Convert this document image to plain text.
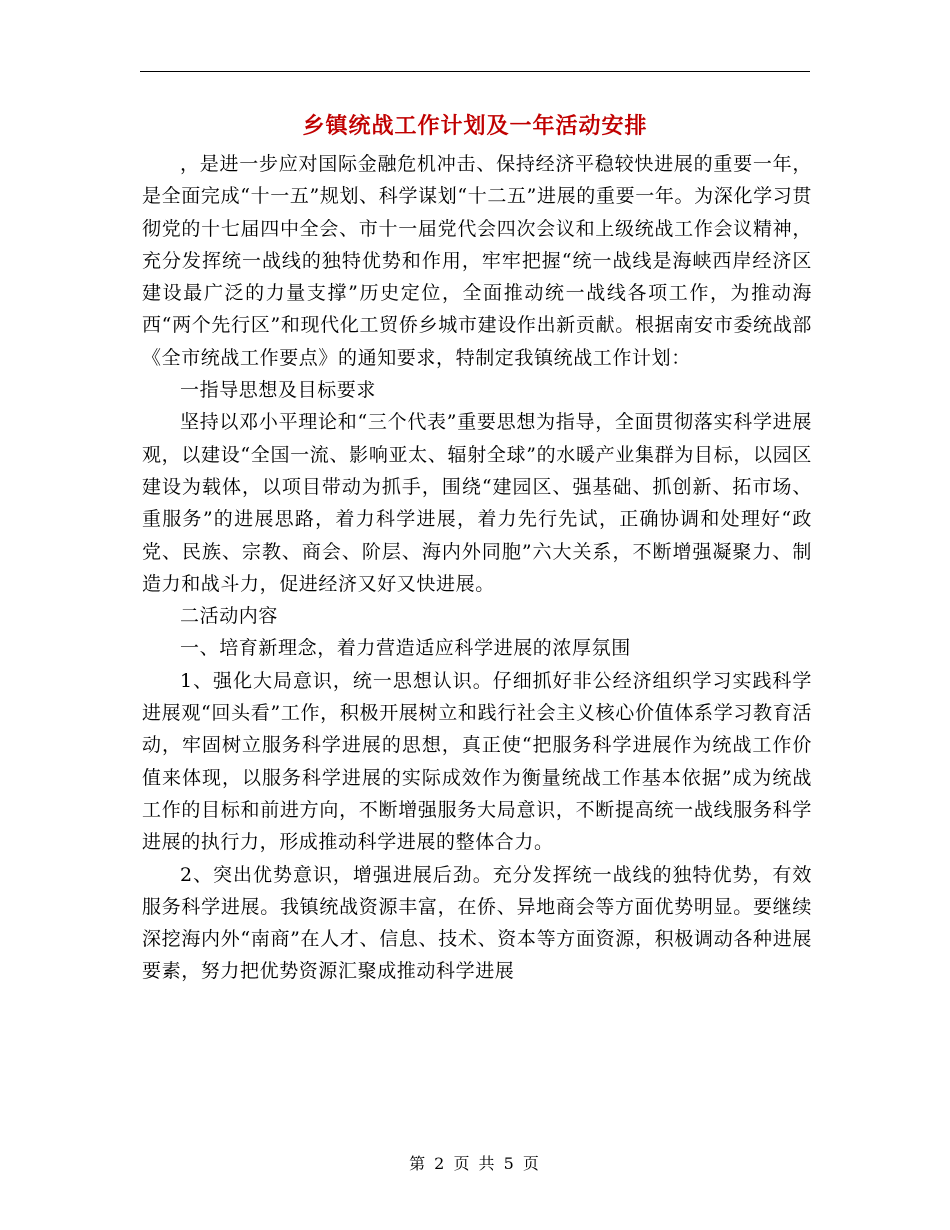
乡镇统战工作计划及一年活动安排

，是进一步应对国际金融危机冲击、保持经济平稳较快进展的重要一年，是全面完成“十一五”规划、科学谋划“十二五”进展的重要一年。为深化学习贯彻党的十七届四中全会、市十一届党代会四次会议和上级统战工作会议精神，充分发挥统一战线的独特优势和作用，牢牢把握“统一战线是海峡西岸经济区建设最广泛的力量支撑”历史定位，全面推动统一战线各项工作，为推动海西“两个先行区”和现代化工贸侨乡城市建设作出新贡献。根据南安市委统战部《全市统战工作要点》的通知要求，特制定我镇统战工作计划：

一指导思想及目标要求

坚持以邓小平理论和“三个代表”重要思想为指导，全面贯彻落实科学进展观，以建设“全国一流、影响亚太、辐射全球”的水暖产业集群为目标，以园区建设为载体，以项目带动为抓手，围绕“建园区、强基础、抓创新、拓市场、重服务”的进展思路，着力科学进展，着力先行先试，正确协调和处理好“政党、民族、宗教、商会、阶层、海内外同胞”六大关系，不断增强凝聚力、制造力和战斗力，促进经济又好又快进展。

二活动内容

一、培育新理念，着力营造适应科学进展的浓厚氛围

1、强化大局意识，统一思想认识。仔细抓好非公经济组织学习实践科学进展观“回头看”工作，积极开展树立和践行社会主义核心价值体系学习教育活动，牢固树立服务科学进展的思想，真正使“把服务科学进展作为统战工作价值来体现，以服务科学进展的实际成效作为衡量统战工作基本依据”成为统战工作的目标和前进方向，不断增强服务大局意识，不断提高统一战线服务科学进展的执行力，形成推动科学进展的整体合力。

2、突出优势意识，增强进展后劲。充分发挥统一战线的独特优势，有效服务科学进展。我镇统战资源丰富，在侨、异地商会等方面优势明显。要继续深挖海内外“南商”在人才、信息、技术、资本等方面资源，积极调动各种进展要素，努力把优势资源汇聚成推动科学进展

第 2 页 共 5 页
